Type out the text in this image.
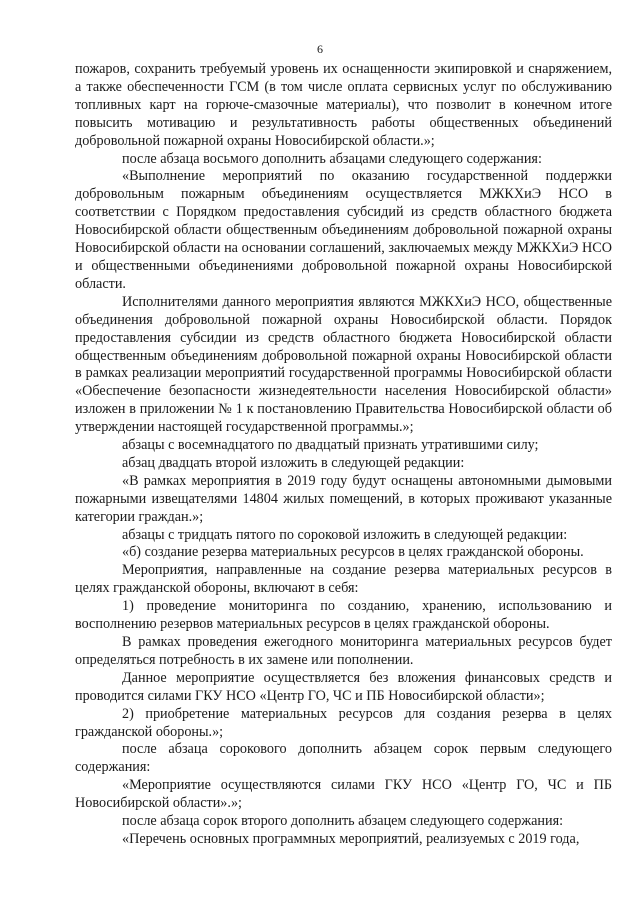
6

пожаров, сохранить требуемый уровень их оснащенности экипировкой и снаряжением, а также обеспеченности ГСМ (в том числе оплата сервисных услуг по обслуживанию топливных карт на горюче-смазочные материалы), что позволит в конечном итоге повысить мотивацию и результативность работы общественных объединений добровольной пожарной охраны Новосибирской области.»;

после абзаца восьмого дополнить абзацами следующего содержания:

«Выполнение мероприятий по оказанию государственной поддержки добровольным пожарным объединениям осуществляется МЖКХиЭ НСО в соответствии с Порядком предоставления субсидий из средств областного бюджета Новосибирской области общественным объединениям добровольной пожарной охраны Новосибирской области на основании соглашений, заключаемых между МЖКХиЭ НСО и общественными объединениями добровольной пожарной охраны Новосибирской области.

Исполнителями данного мероприятия являются МЖКХиЭ НСО, общественные объединения добровольной пожарной охраны Новосибирской области. Порядок предоставления субсидии из средств областного бюджета Новосибирской области общественным объединениям добровольной пожарной охраны Новосибирской области в рамках реализации мероприятий государственной программы Новосибирской области «Обеспечение безопасности жизнедеятельности населения Новосибирской области» изложен в приложении № 1 к постановлению Правительства Новосибирской области об утверждении настоящей государственной программы.»;

абзацы с восемнадцатого по двадцатый признать утратившими силу;

абзац двадцать второй изложить в следующей редакции:

«В рамках мероприятия в 2019 году будут оснащены автономными дымовыми пожарными извещателями 14804 жилых помещений, в которых проживают указанные категории граждан.»;

абзацы с тридцать пятого по сороковой изложить в следующей редакции:

«б) создание резерва материальных ресурсов в целях гражданской обороны.

Мероприятия, направленные на создание резерва материальных ресурсов в целях гражданской обороны, включают в себя:

1) проведение мониторинга по созданию, хранению, использованию и восполнению резервов материальных ресурсов в целях гражданской обороны.

В рамках проведения ежегодного мониторинга материальных ресурсов будет определяться потребность в их замене или пополнении.

Данное мероприятие осуществляется без вложения финансовых средств и проводится силами ГКУ НСО «Центр ГО, ЧС и ПБ Новосибирской области»;

2) приобретение материальных ресурсов для создания резерва в целях гражданской обороны.»;

после абзаца сорокового дополнить абзацем сорок первым следующего содержания:

«Мероприятие осуществляются силами ГКУ НСО «Центр ГО, ЧС и ПБ Новосибирской области».»;

после абзаца сорок второго дополнить абзацем следующего содержания:

«Перечень основных программных мероприятий, реализуемых с 2019 года,
